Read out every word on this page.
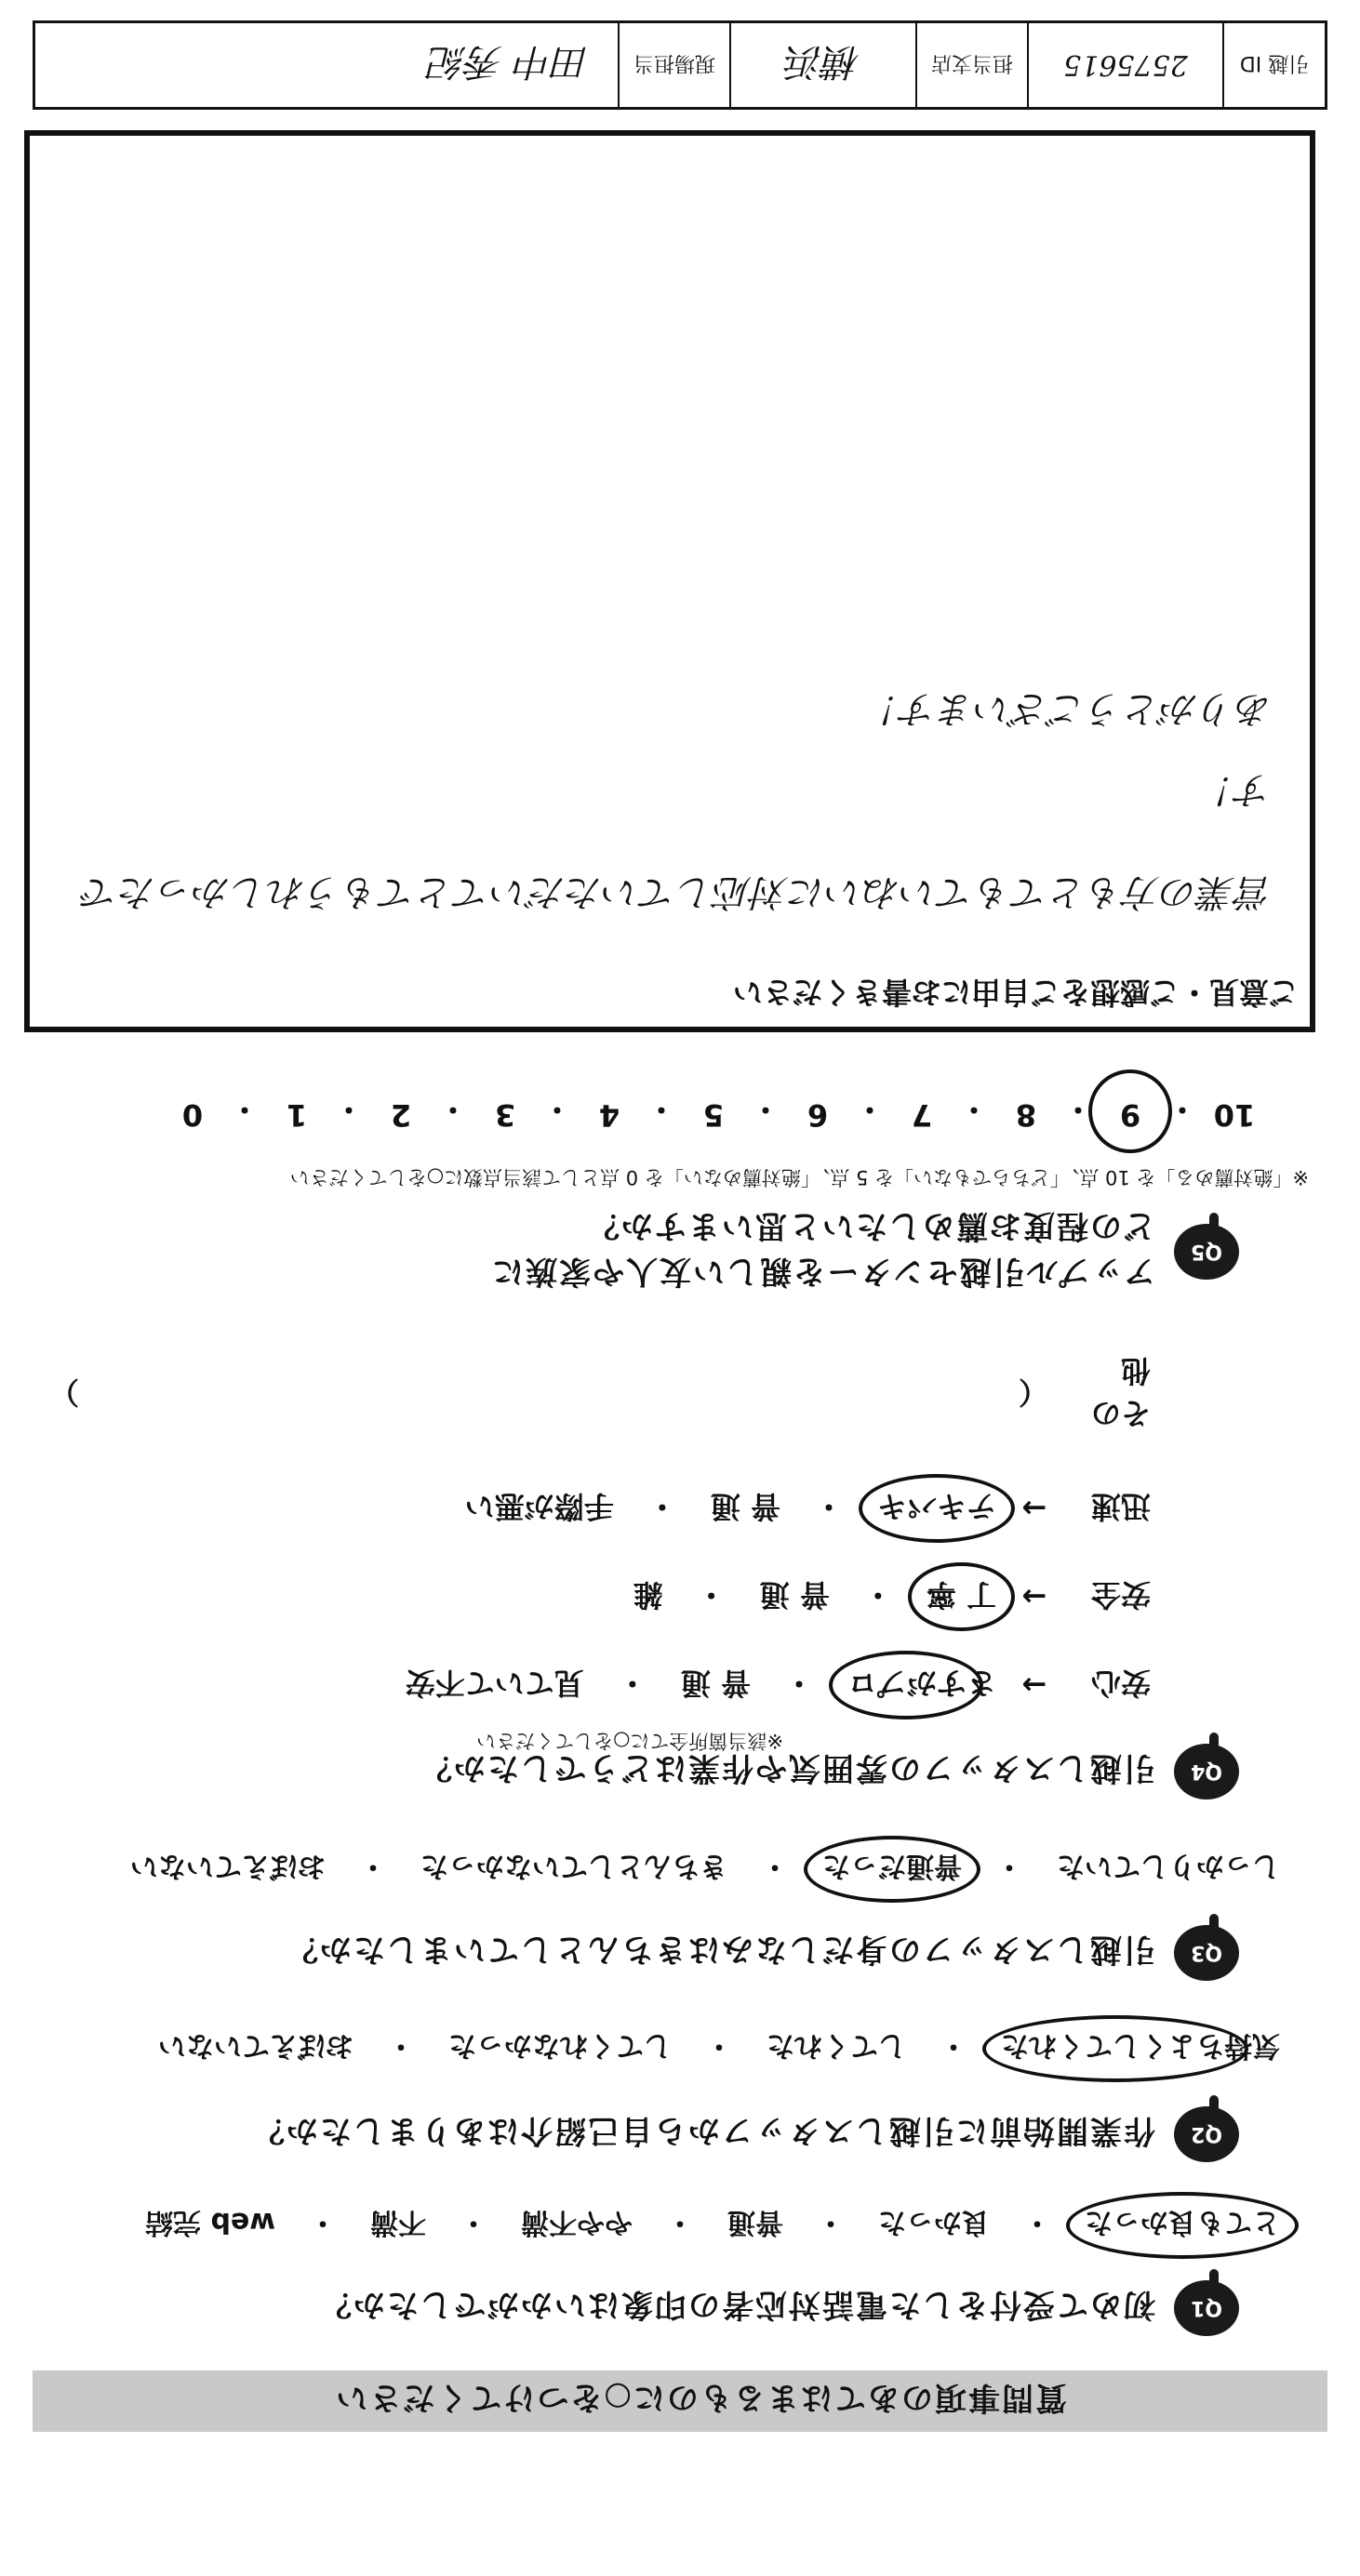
質問事項のあてはまるものに○をつけてください
Q1
初めて受付をした電話対応者の印象はいかがでしたか？
とても良かった
・
良かった
・
普通
・
やや不満
・
不満
・
web 完結
Q2
作業開始前に引越しスタッフから自己紹介はありましたか？
気持ちよくしてくれた
・
してくれた
・
してくれなかった
・
おぼえていない
Q3
引越しスタッフの身だしなみはきちんとしていましたか？
しっかりしていた
・
普通だった
・
きちんとしていなかった
・
おぼえていない
Q4
引越しスタッフの雰囲気や作業はどうでしたか？
※該当箇所全てに○をしてください
安心
→
さすがプロ
・
普 通
・
見ていて不安
安全
→
丁 寧
・
普 通
・
雑
迅速
→
テキパキ
・
普 通
・
手際が悪い
その他
（
）
Q5
アップル引越センターを親しい友人や家族に
どの程度お薦めしたいと思いますか？
※「絶対薦める」を 10 点、「どちらでもない」を 5 点、「絶対薦めない」を 0 点として該当点数に○をしてください
10
・
9
・
8
・
7
・
6
・
5
・
4
・
3
・
2
・
1
・
0
ご意見・ご感想をご自由にお書きください
営業の方もとてもていねいに対応していただいてとてもうれしかったです！
ありがとうございます！
引越 ID
2575615
担当支店
横浜
現場担当
田中 秀紀
